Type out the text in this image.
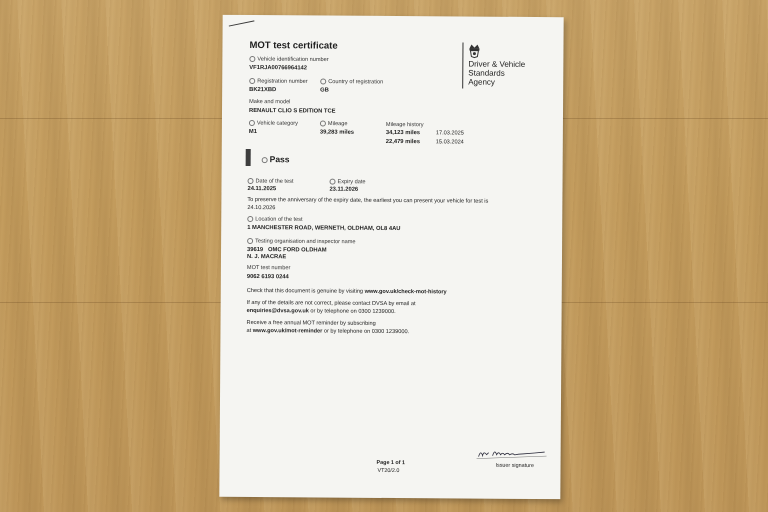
MOT test certificate
Vehicle identification number
VF1RJA00766964142
Registration number
BK21XBD
Country of registration
GB
Make and model
RENAULT CLIO S EDITION TCE
Vehicle category
M1
Mileage
39,283 miles
Mileage history
34,123 miles	17.03.2025
22,479 miles	15.03.2024
Pass
Date of the test
24.11.2025
Expiry date
23.11.2026
To preserve the anniversary of the expiry date, the earliest you can present your vehicle for test is
24.10.2026
Location of the test
1 MANCHESTER ROAD, WERNETH, OLDHAM, OL8 4AU
Testing organisation and inspector name
39619   OMC FORD OLDHAM
N. J. MACRAE
MOT test number
9062 6193 0244
Check that this document is genuine by visiting www.gov.uk/check-mot-history
If any of the details are not correct, please contact DVSA by email at
enquiries@dvsa.gov.uk or by telephone on 0300 1239000.
Receive a free annual MOT reminder by subscribing
at www.gov.uk/mot-reminder or by telephone on 0300 1239000.
Driver & Vehicle
Standards
Agency
Page 1 of 1
VT20/2.0
Issuer signature
